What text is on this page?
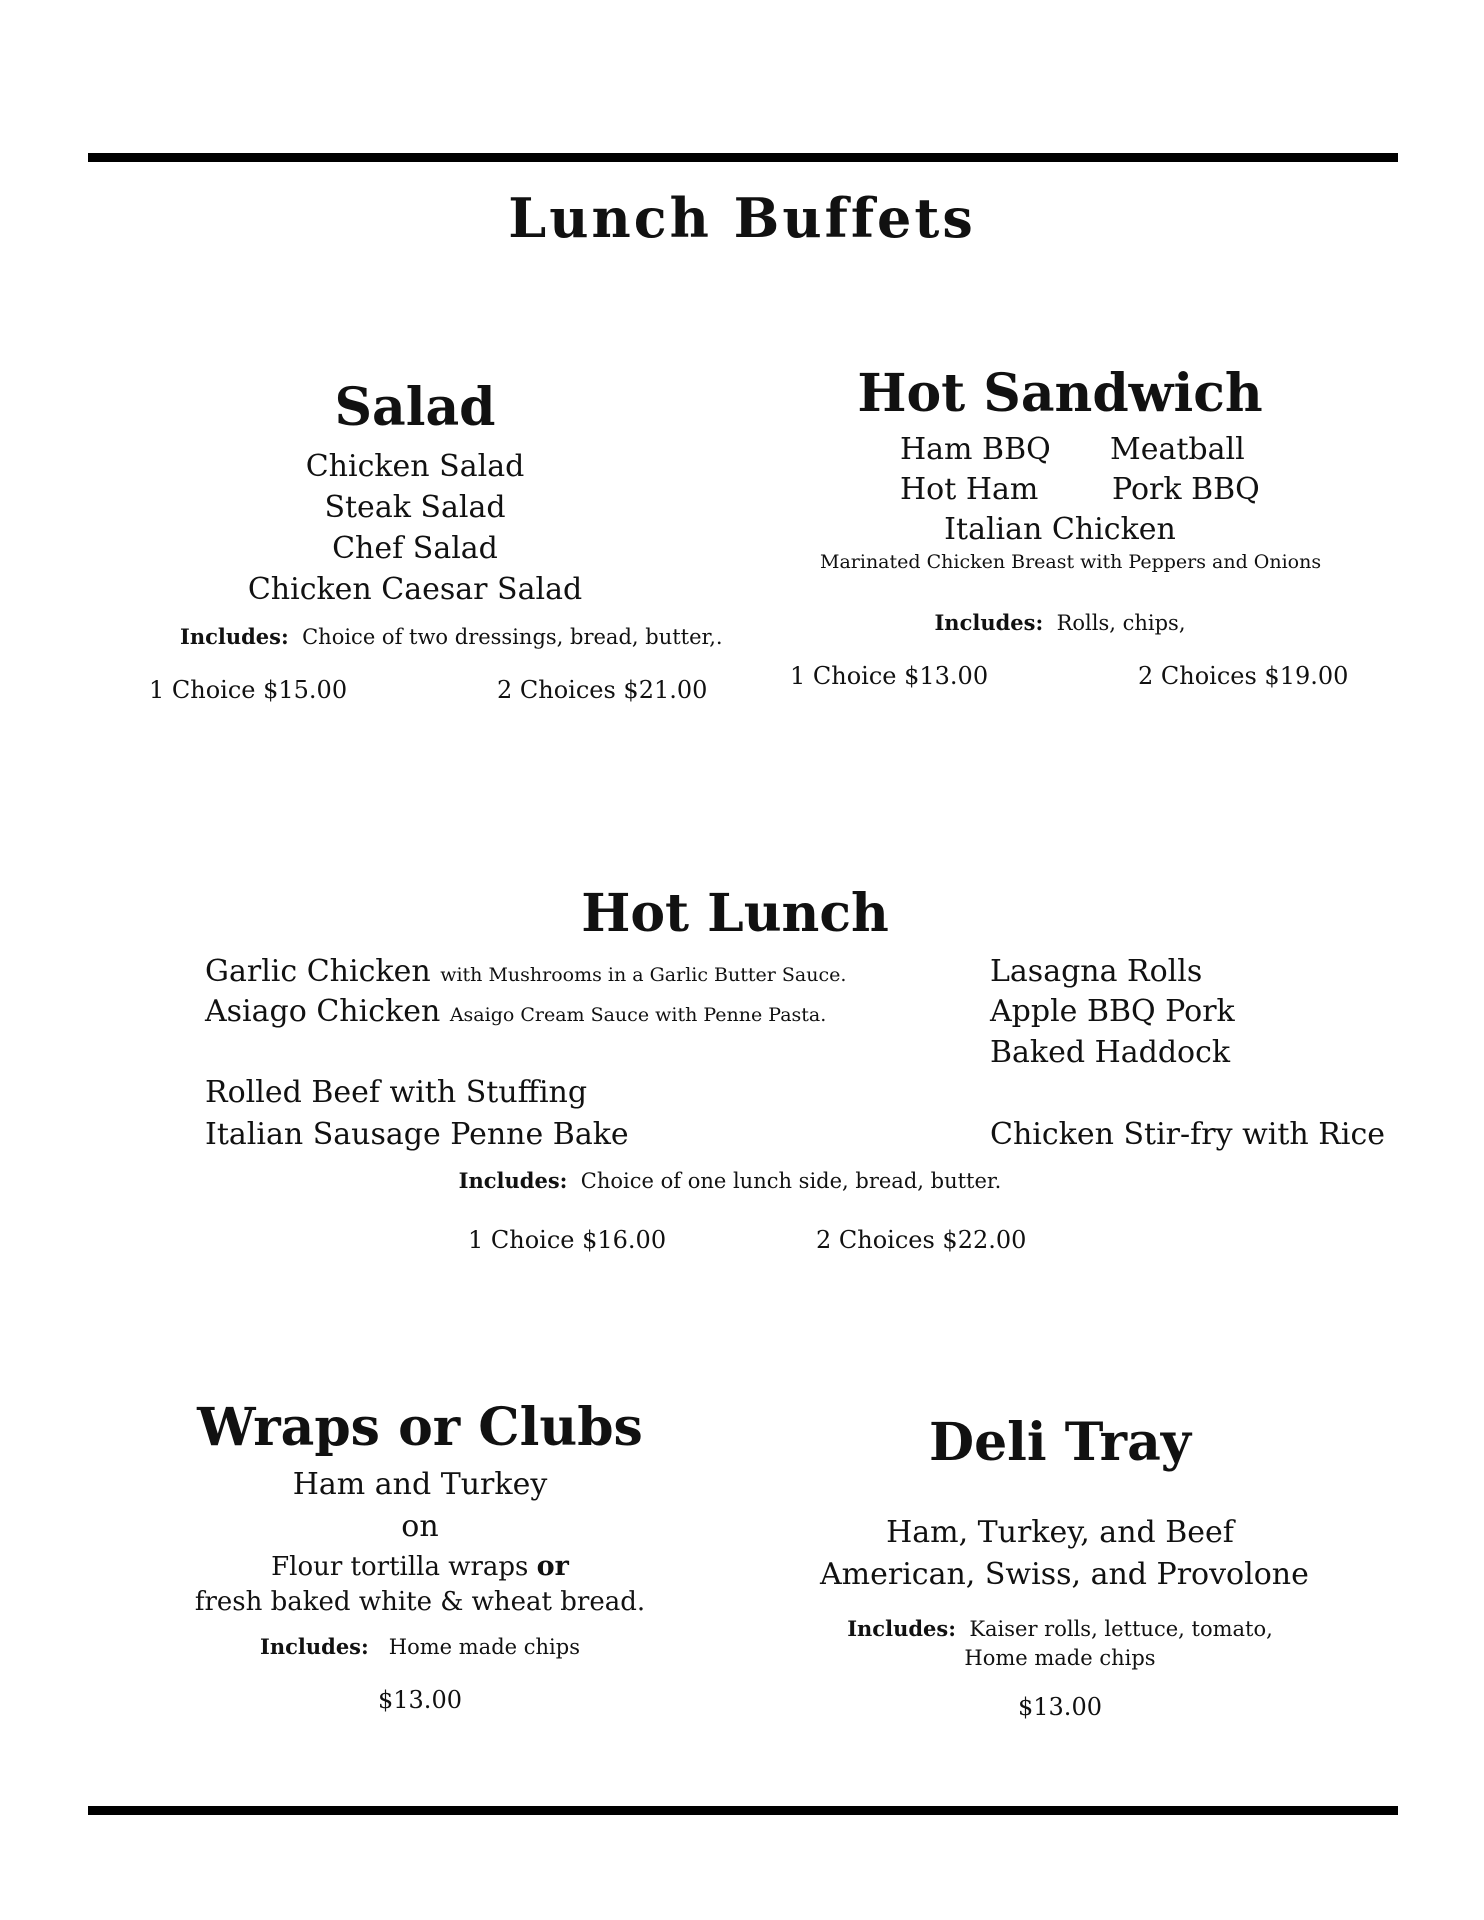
Lunch Buffets
Salad
Chicken Salad
Steak Salad
Chef Salad
Chicken Caesar Salad
Includes: Choice of two dressings, bread, butter,.
1 Choice $15.00	2 Choices $21.00
Hot Sandwich
Ham BBQ Meatball
Hot Ham Pork BBQ
Italian Chicken
Marinated Chicken Breast with Peppers and Onions
Includes: Rolls, chips,
1 Choice $13.00	2 Choices $19.00
Hot Lunch
Garlic Chicken with Mushrooms in a Garlic Butter Sauce.
Asiago Chicken Asaigo Cream Sauce with Penne Pasta.
Rolled Beef with Stuffing
Italian Sausage Penne Bake
Lasagna Rolls
Apple BBQ Pork
Baked Haddock
Chicken Stir-fry with Rice
Includes: Choice of one lunch side, bread, butter.
1 Choice $16.00	2 Choices $22.00
Wraps or Clubs
Ham and Turkey
on
Flour tortilla wraps or
fresh baked white & wheat bread.
Includes: Home made chips
$13.00
Deli Tray
Ham, Turkey, and Beef
American, Swiss, and Provolone
Includes: Kaiser rolls, lettuce, tomato,
Home made chips
$13.00
